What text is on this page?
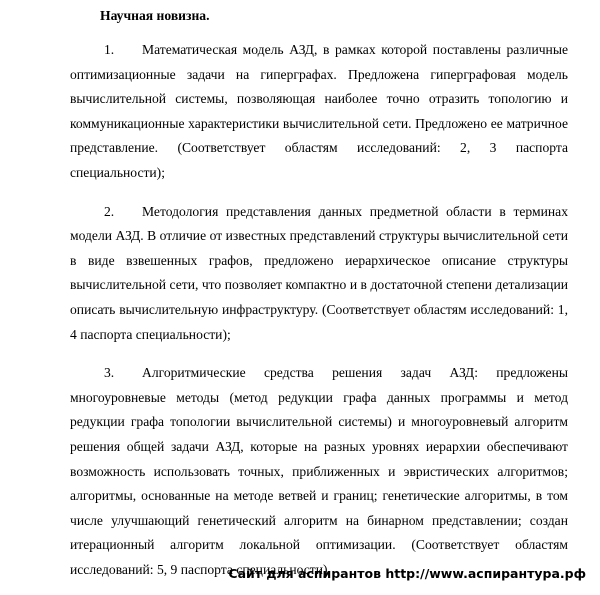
Научная новизна.

1. Математическая модель АЗД, в рамках которой поставлены различные оптимизационные задачи на гиперграфах. Предложена гиперграфовая модель вычислительной системы, позволяющая наиболее точно отразить топологию и коммуникационные характеристики вычислительной сети. Предложено ее матричное представление. (Соответствует областям исследований: 2, 3 паспорта специальности);

2. Методология представления данных предметной области в терминах модели АЗД. В отличие от известных представлений структуры вычислительной сети в виде взвешенных графов, предложено иерархическое описание структуры вычислительной сети, что позволяет компактно и в достаточной степени детализации описать вычислительную инфраструктуру. (Соответствует областям исследований: 1, 4 паспорта специальности);

3. Алгоритмические средства решения задач АЗД: предложены многоуровневые методы (метод редукции графа данных программы и метод редукции графа топологии вычислительной системы) и многоуровневый алгоритм решения общей задачи АЗД, которые на разных уровнях иерархии обеспечивают возможность использовать точных, приближенных и эвристических алгоритмов; алгоритмы, основанные на методе ветвей и границ; генетические алгоритмы, в том числе улучшающий генетический алгоритм на бинарном представлении; создан итерационный алгоритм локальной оптимизации. (Соответствует областям исследований: 5, 9 паспорта специальности).

Сайт для аспирантов http://www.аспирантура.рф
